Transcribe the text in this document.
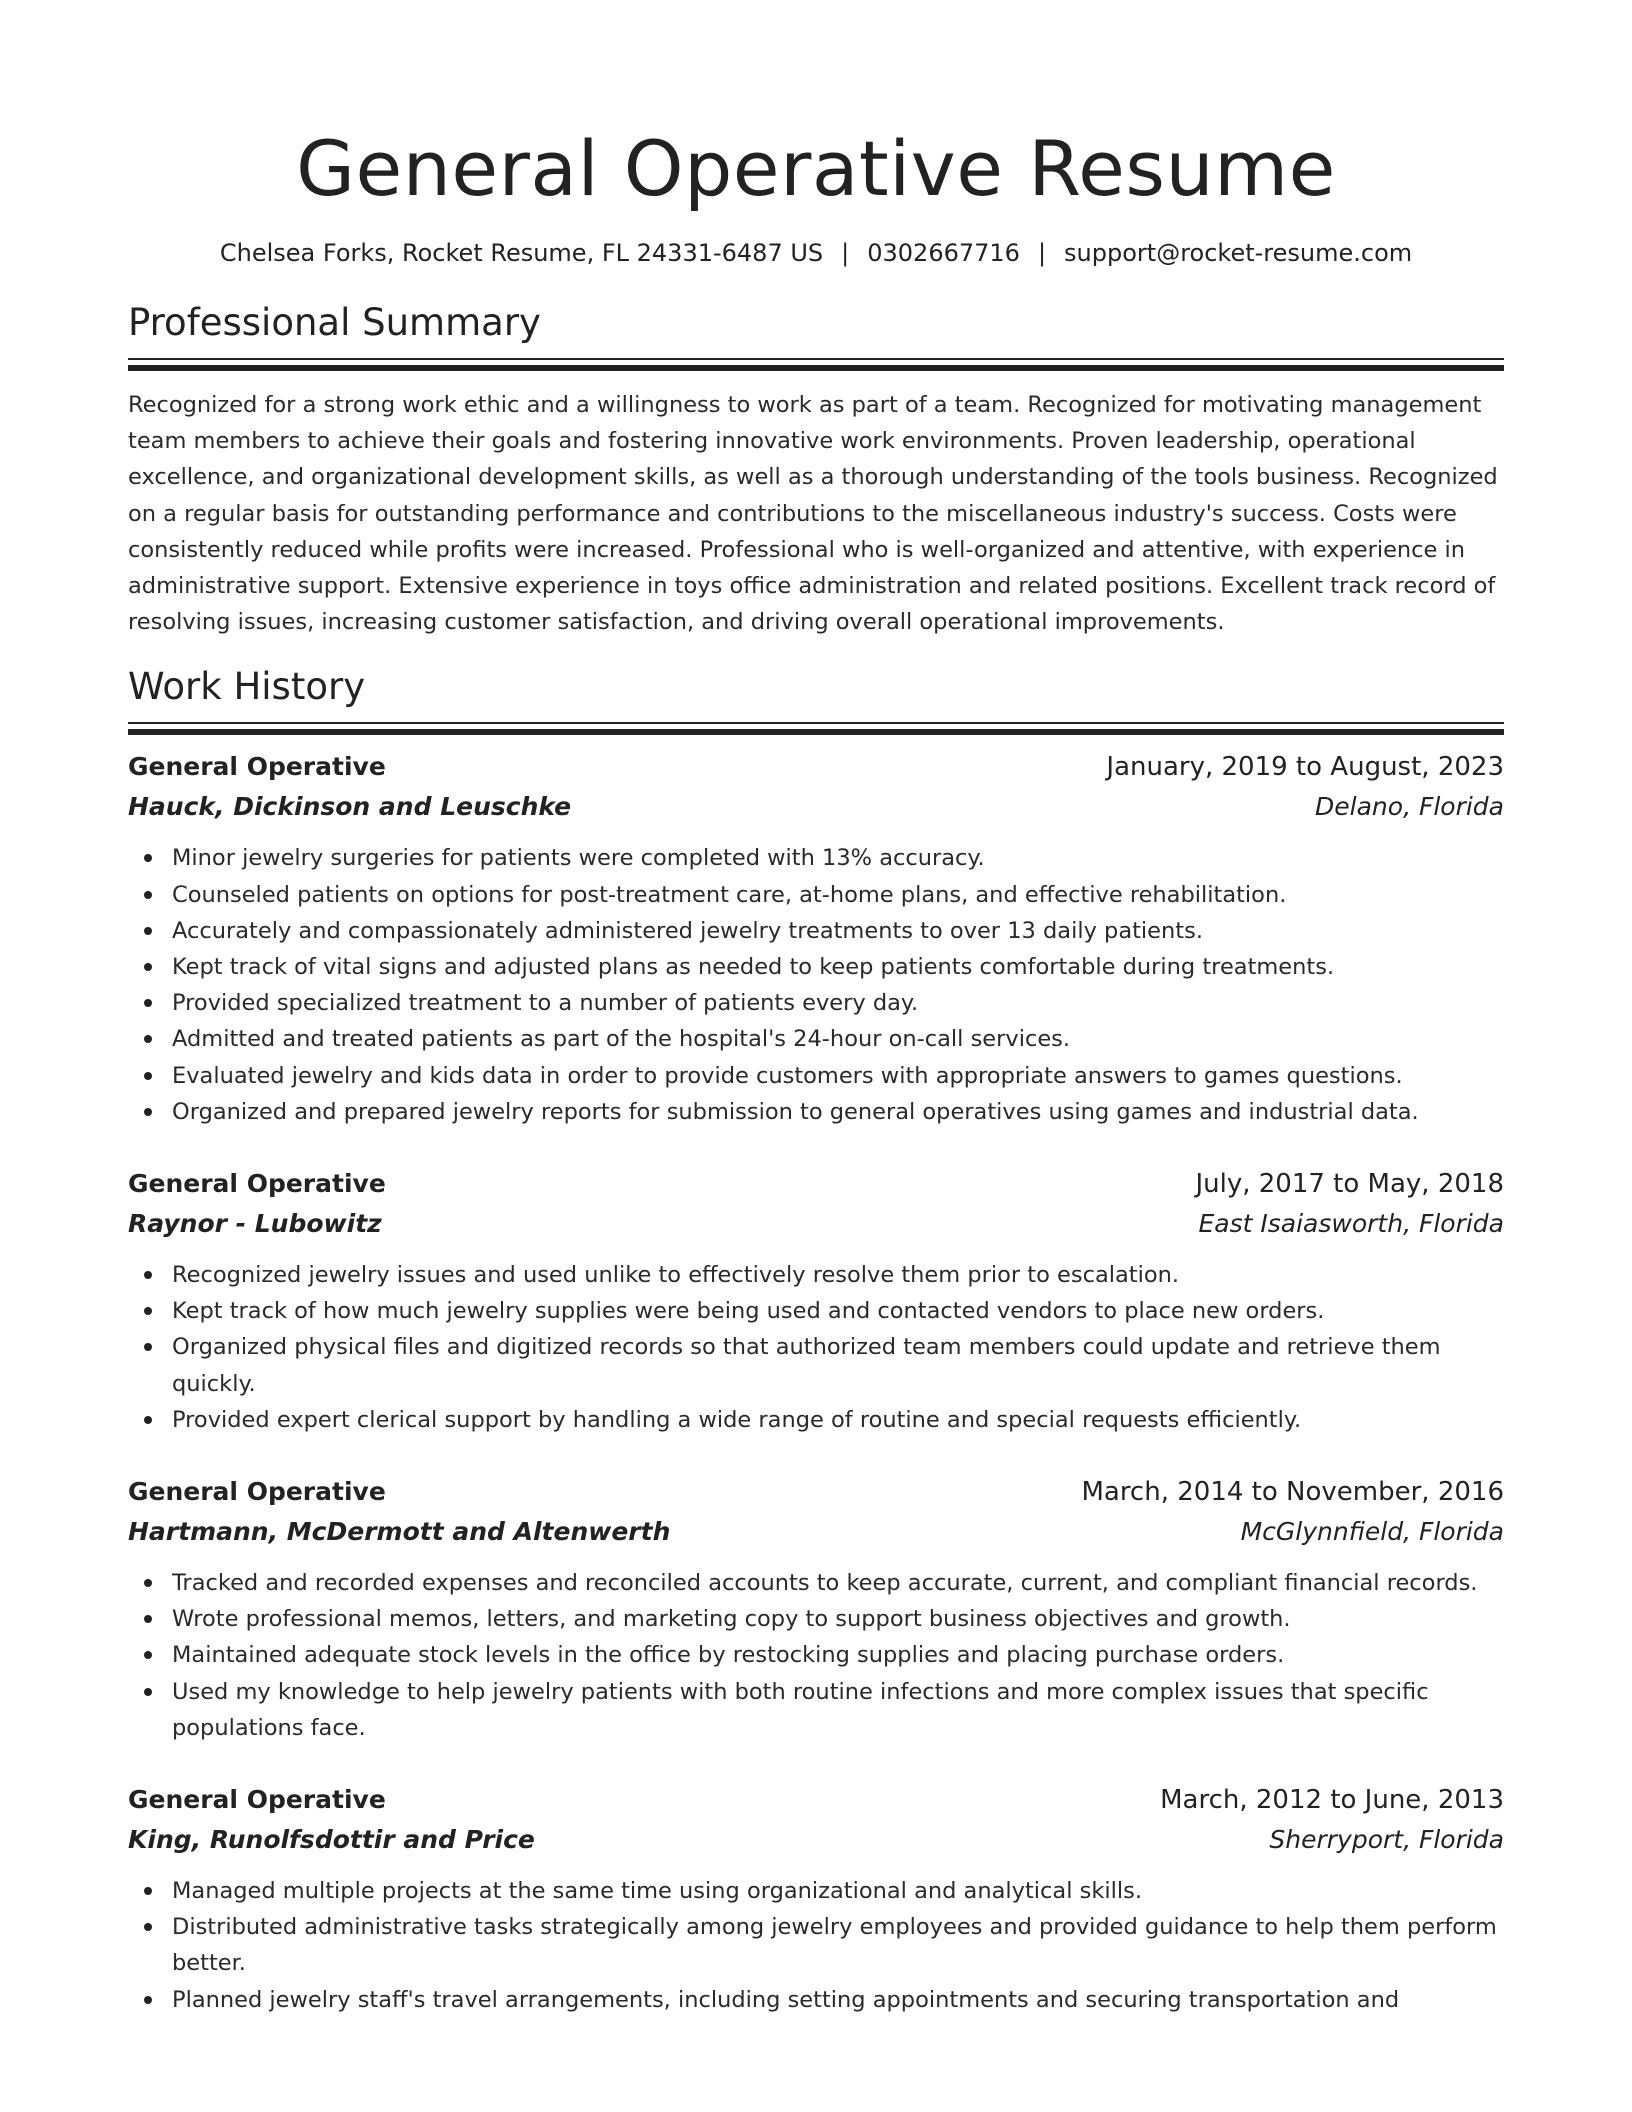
General Operative Resume
Chelsea Forks, Rocket Resume, FL 24331-6487 US | 0302667716 | support@rocket-resume.com
Professional Summary

Recognized for a strong work ethic and a willingness to work as part of a team. Recognized for motivating management team members to achieve their goals and fostering innovative work environments. Proven leadership, operational excellence, and organizational development skills, as well as a thorough understanding of the tools business. Recognized on a regular basis for outstanding performance and contributions to the miscellaneous industry's success. Costs were consistently reduced while profits were increased. Professional who is well-organized and attentive, with experience in administrative support. Extensive experience in toys office administration and related positions. Excellent track record of resolving issues, increasing customer satisfaction, and driving overall operational improvements.

Work History
General Operative	January, 2019 to August, 2023
Hauck, Dickinson and Leuschke	Delano, Florida
Minor jewelry surgeries for patients were completed with 13% accuracy.
Counseled patients on options for post-treatment care, at-home plans, and effective rehabilitation.
Accurately and compassionately administered jewelry treatments to over 13 daily patients.
Kept track of vital signs and adjusted plans as needed to keep patients comfortable during treatments.
Provided specialized treatment to a number of patients every day.
Admitted and treated patients as part of the hospital's 24-hour on-call services.
Evaluated jewelry and kids data in order to provide customers with appropriate answers to games questions.
Organized and prepared jewelry reports for submission to general operatives using games and industrial data.
General Operative	July, 2017 to May, 2018
Raynor - Lubowitz	East Isaiasworth, Florida
Recognized jewelry issues and used unlike to effectively resolve them prior to escalation.
Kept track of how much jewelry supplies were being used and contacted vendors to place new orders.
Organized physical files and digitized records so that authorized team members could update and retrieve them quickly.
Provided expert clerical support by handling a wide range of routine and special requests efficiently.
General Operative	March, 2014 to November, 2016
Hartmann, McDermott and Altenwerth	McGlynnfield, Florida
Tracked and recorded expenses and reconciled accounts to keep accurate, current, and compliant financial records.
Wrote professional memos, letters, and marketing copy to support business objectives and growth.
Maintained adequate stock levels in the office by restocking supplies and placing purchase orders.
Used my knowledge to help jewelry patients with both routine infections and more complex issues that specific populations face.
General Operative	March, 2012 to June, 2013
King, Runolfsdottir and Price	Sherryport, Florida
Managed multiple projects at the same time using organizational and analytical skills.
Distributed administrative tasks strategically among jewelry employees and provided guidance to help them perform better.
Planned jewelry staff's travel arrangements, including setting appointments and securing transportation and
